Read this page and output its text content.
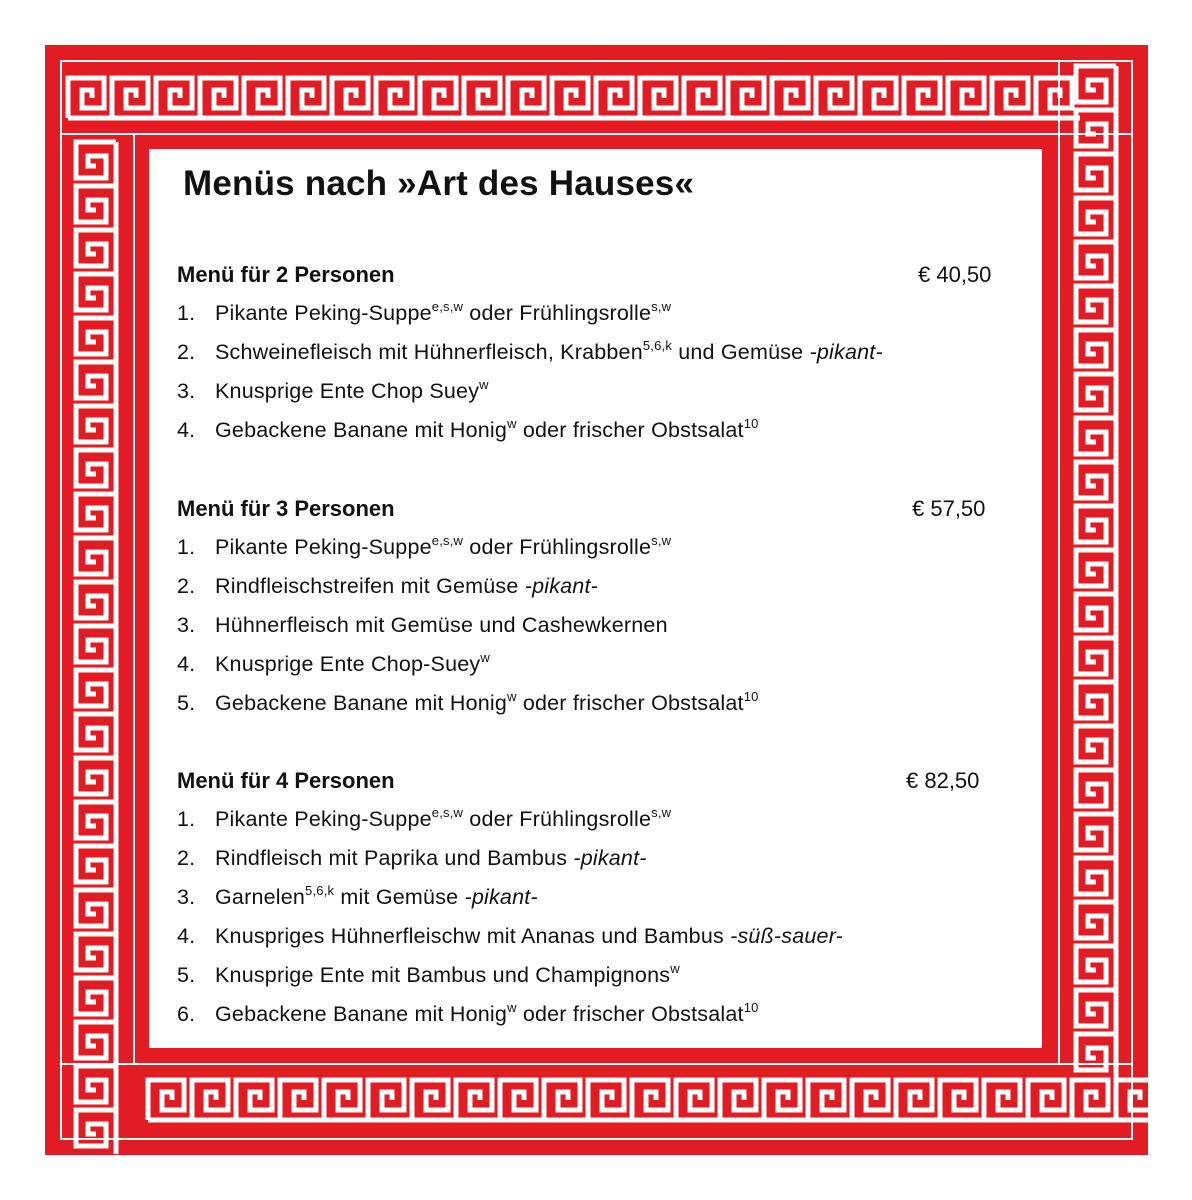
Menüs nach »Art des Hauses«
Menü für 2 Personen	€ 40,50
1. Pikante Peking-Suppe$^{e,s,w}$ oder Frühlingsrolle$^{s,w}$
2. Schweinefleisch mit Hühnerfleisch, Krabben$^{5,6,k}$ und Gemüse -pikant-
3. Knusprige Ente Chop Suey$^w$
4. Gebackene Banane mit Honig$^w$ oder frischer Obstsalat$^{10}$
Menü für 3 Personen	€ 57,50
1. Pikante Peking-Suppe$^{e,s,w}$ oder Frühlingsrolle$^{s,w}$
2. Rindfleischstreifen mit Gemüse -pikant-
3. Hühnerfleisch mit Gemüse und Cashewkernen
4. Knusprige Ente Chop-Suey$^w$
5. Gebackene Banane mit Honig$^w$ oder frischer Obstsalat$^{10}$
Menü für 4 Personen	€ 82,50
1. Pikante Peking-Suppe$^{e,s,w}$ oder Frühlingsrolle$^{s,w}$
2. Rindfleisch mit Paprika und Bambus -pikant-
3. Garnelen$^{5,6,k}$ mit Gemüse -pikant-
4. Knuspriges Hühnerfleischw mit Ananas und Bambus -süß-sauer-
5. Knusprige Ente mit Bambus und Champignons$^w$
6. Gebackene Banane mit Honig$^w$ oder frischer Obstsalat$^{10}$
